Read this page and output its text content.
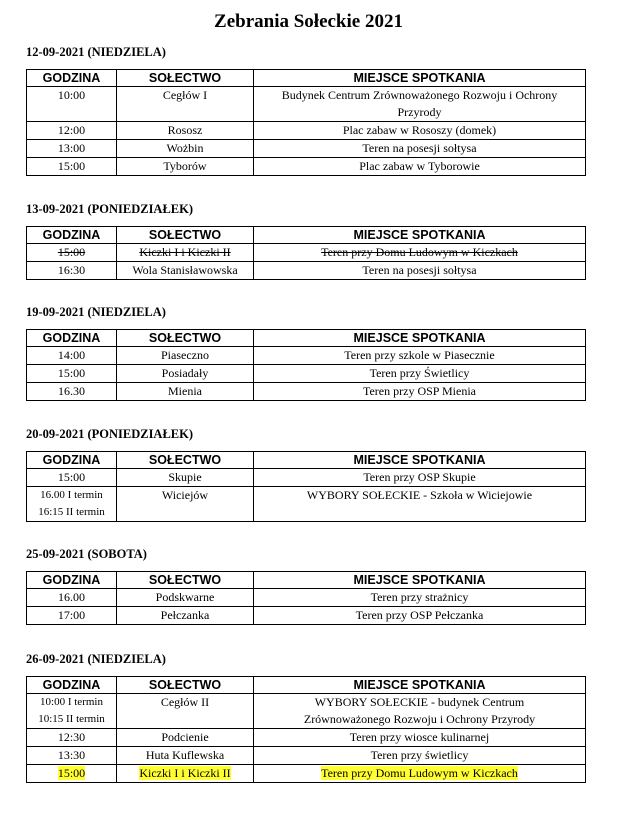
Zebrania Sołeckie 2021
12-09-2021 (NIEDZIELA)
GODZINA	SOŁECTWO	MIEJSCE SPOTKANIA

10:00	Cegłów I	Budynek Centrum Zrównoważonego Rozwoju i Ochrony
Przyrody

12:00	Rososz	Plac zabaw w Rososzy (domek)

13:00	Wożbin	Teren na posesji sołtysa

15:00	Tyborów	Plac zabaw w Tyborowie
13-09-2021 (PONIEDZIAŁEK)
GODZINA	SOŁECTWO	MIEJSCE SPOTKANIA

15:00	Kiczki I i Kiczki II	Teren przy Domu Ludowym w Kiczkach

16:30	Wola Stanisławowska	Teren na posesji sołtysa
19-09-2021 (NIEDZIELA)
GODZINA	SOŁECTWO	MIEJSCE SPOTKANIA

14:00	Piaseczno	Teren przy szkole w Piasecznie

15:00	Posiadały	Teren przy Świetlicy

16.30	Mienia	Teren przy OSP Mienia
20-09-2021 (PONIEDZIAŁEK)
GODZINA	SOŁECTWO	MIEJSCE SPOTKANIA

15:00	Skupie	Teren przy OSP Skupie

16.00 I termin
16:15 II termin	Wiciejów	WYBORY SOŁECKIE - Szkoła w Wiciejowie
25-09-2021 (SOBOTA)
GODZINA	SOŁECTWO	MIEJSCE SPOTKANIA

16.00	Podskwarne	Teren przy strażnicy

17:00	Pełczanka	Teren przy OSP Pełczanka
26-09-2021 (NIEDZIELA)
GODZINA	SOŁECTWO	MIEJSCE SPOTKANIA

10:00 I termin
10:15 II termin	Cegłów II	WYBORY SOŁECKIE - budynek Centrum
Zrównoważonego Rozwoju i Ochrony Przyrody

12:30	Podcienie	Teren przy wiosce kulinarnej

13:30	Huta Kuflewska	Teren przy świetlicy

15:00	Kiczki I i Kiczki II	Teren przy Domu Ludowym w Kiczkach
